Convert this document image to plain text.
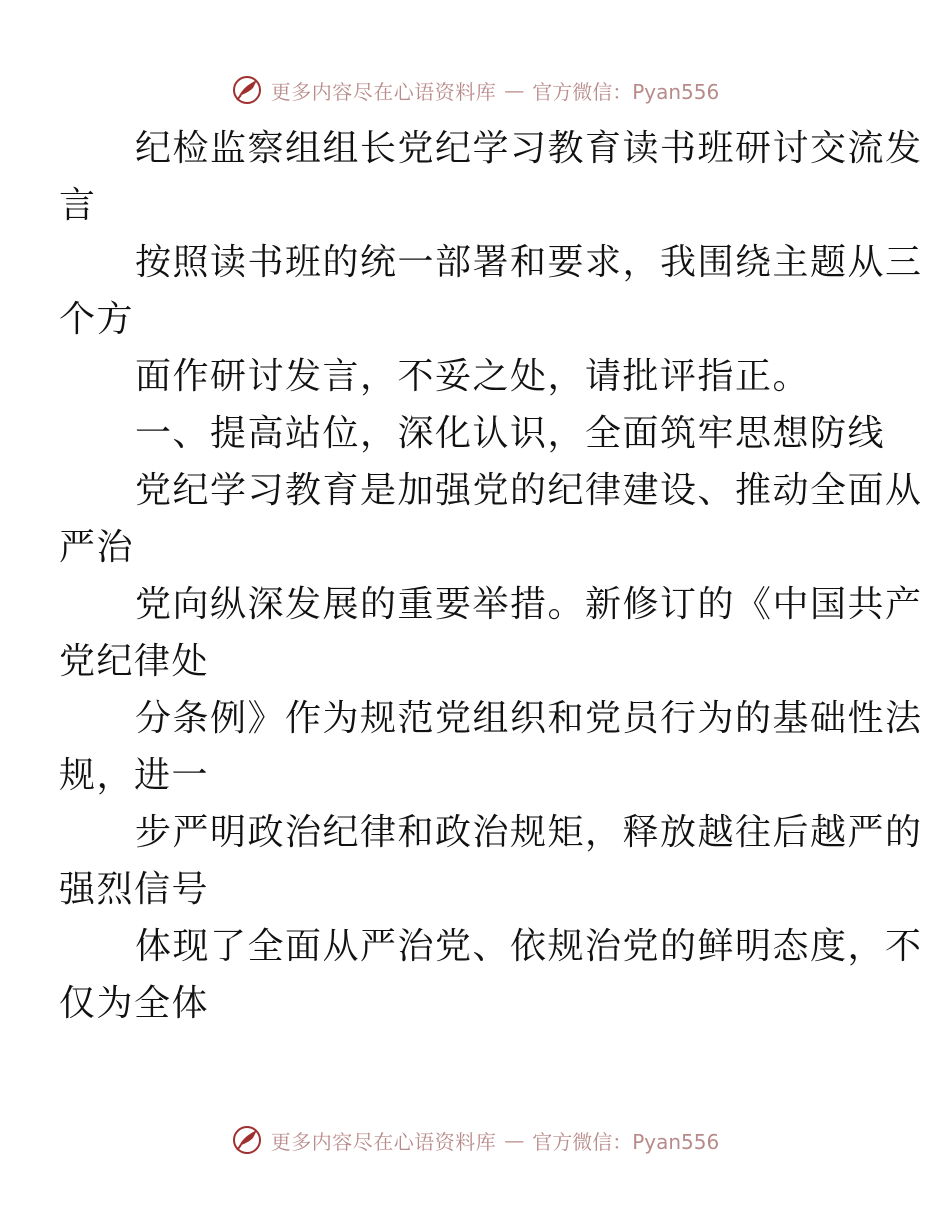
更多内容尽在心语资料库 — 官方微信：Pyan556

纪检监察组组长党纪学习教育读书班研讨交流发
言

按照读书班的统一部署和要求，我围绕主题从三
个方

面作研讨发言，不妥之处，请批评指正。

一、提高站位，深化认识，全面筑牢思想防线

党纪学习教育是加强党的纪律建设、推动全面从
严治

党向纵深发展的重要举措。新修订的《中国共产
党纪律处

分条例》作为规范党组织和党员行为的基础性法
规，进一

步严明政治纪律和政治规矩，释放越往后越严的
强烈信号

体现了全面从严治党、依规治党的鲜明态度，不
仅为全体

更多内容尽在心语资料库 — 官方微信：Pyan556
